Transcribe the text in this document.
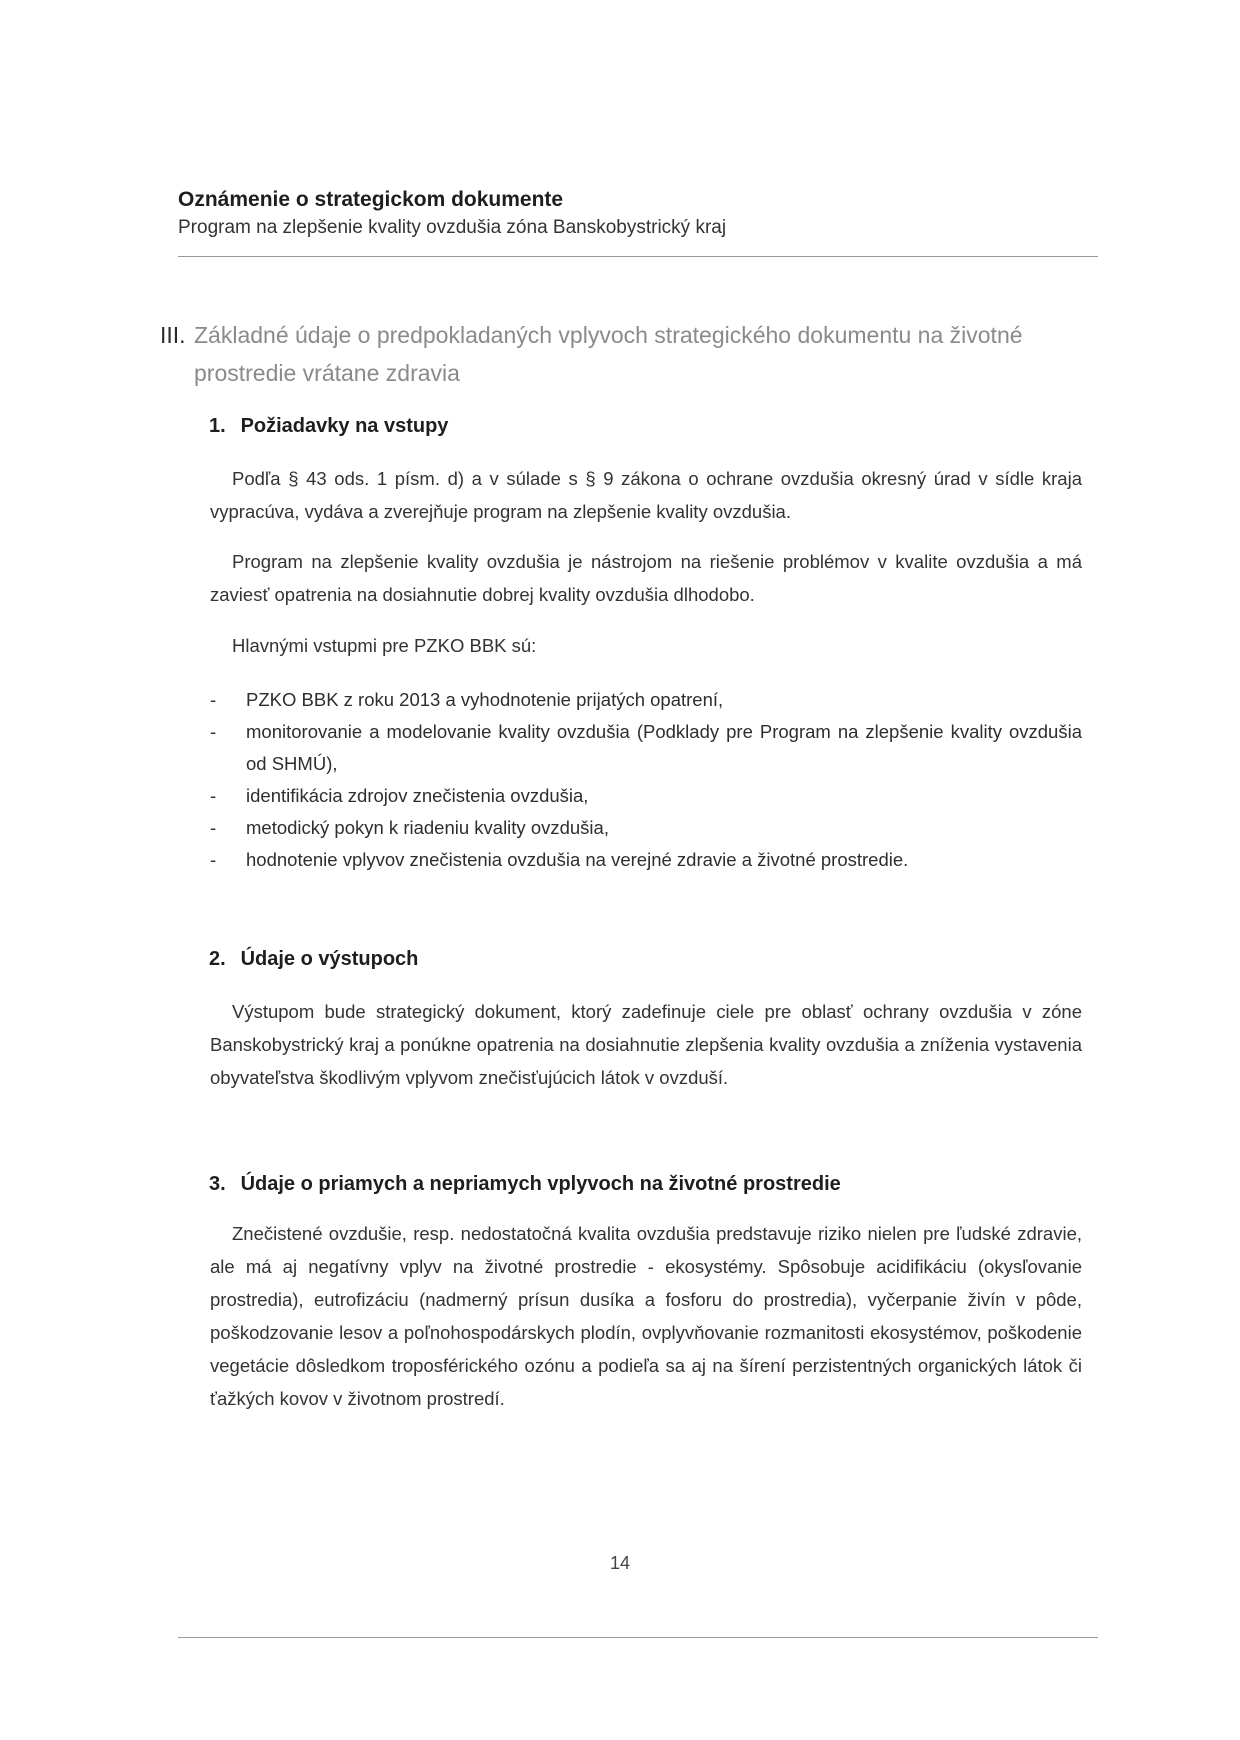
Oznámenie o strategickom dokumente
Program na zlepšenie kvality ovzdušia zóna Banskobystrický kraj
III. Základné údaje o predpokladaných vplyvoch strategického dokumentu na životné prostredie vrátane zdravia
1. Požiadavky na vstupy
Podľa § 43 ods. 1 písm. d) a v súlade s § 9 zákona o ochrane ovzdušia okresný úrad v sídle kraja vypracúva, vydáva a zverejňuje program na zlepšenie kvality ovzdušia.
Program na zlepšenie kvality ovzdušia je nástrojom na riešenie problémov v kvalite ovzdušia a má zaviesť opatrenia na dosiahnutie dobrej kvality ovzdušia dlhodobo.
Hlavnými vstupmi pre PZKO BBK sú:
- PZKO BBK z roku 2013 a vyhodnotenie prijatých opatrení,
- monitorovanie a modelovanie kvality ovzdušia (Podklady pre Program na zlepšenie kvality ovzdušia od SHMÚ),
- identifikácia zdrojov znečistenia ovzdušia,
- metodický pokyn k riadeniu kvality ovzdušia,
- hodnotenie vplyvov znečistenia ovzdušia na verejné zdravie a životné prostredie.
2. Údaje o výstupoch
Výstupom bude strategický dokument, ktorý zadefinuje ciele pre oblasť ochrany ovzdušia v zóne Banskobystrický kraj a ponúkne opatrenia na dosiahnutie zlepšenia kvality ovzdušia a zníženia vystavenia obyvateľstva škodlivým vplyvom znečisťujúcich látok v ovzduší.
3. Údaje o priamych a nepriamych vplyvoch na životné prostredie
Znečistené ovzdušie, resp. nedostatočná kvalita ovzdušia predstavuje riziko nielen pre ľudské zdravie, ale má aj negatívny vplyv na životné prostredie - ekosystémy. Spôsobuje acidifikáciu (okysľovanie prostredia), eutrofizáciu (nadmerný prísun dusíka a fosforu do prostredia), vyčerpanie živín v pôde, poškodzovanie lesov a poľnohospodárskych plodín, ovplyvňovanie rozmanitosti ekosystémov, poškodenie vegetácie dôsledkom troposférického ozónu a podieľa sa aj na šírení perzistentných organických látok či ťažkých kovov v životnom prostredí.
14
